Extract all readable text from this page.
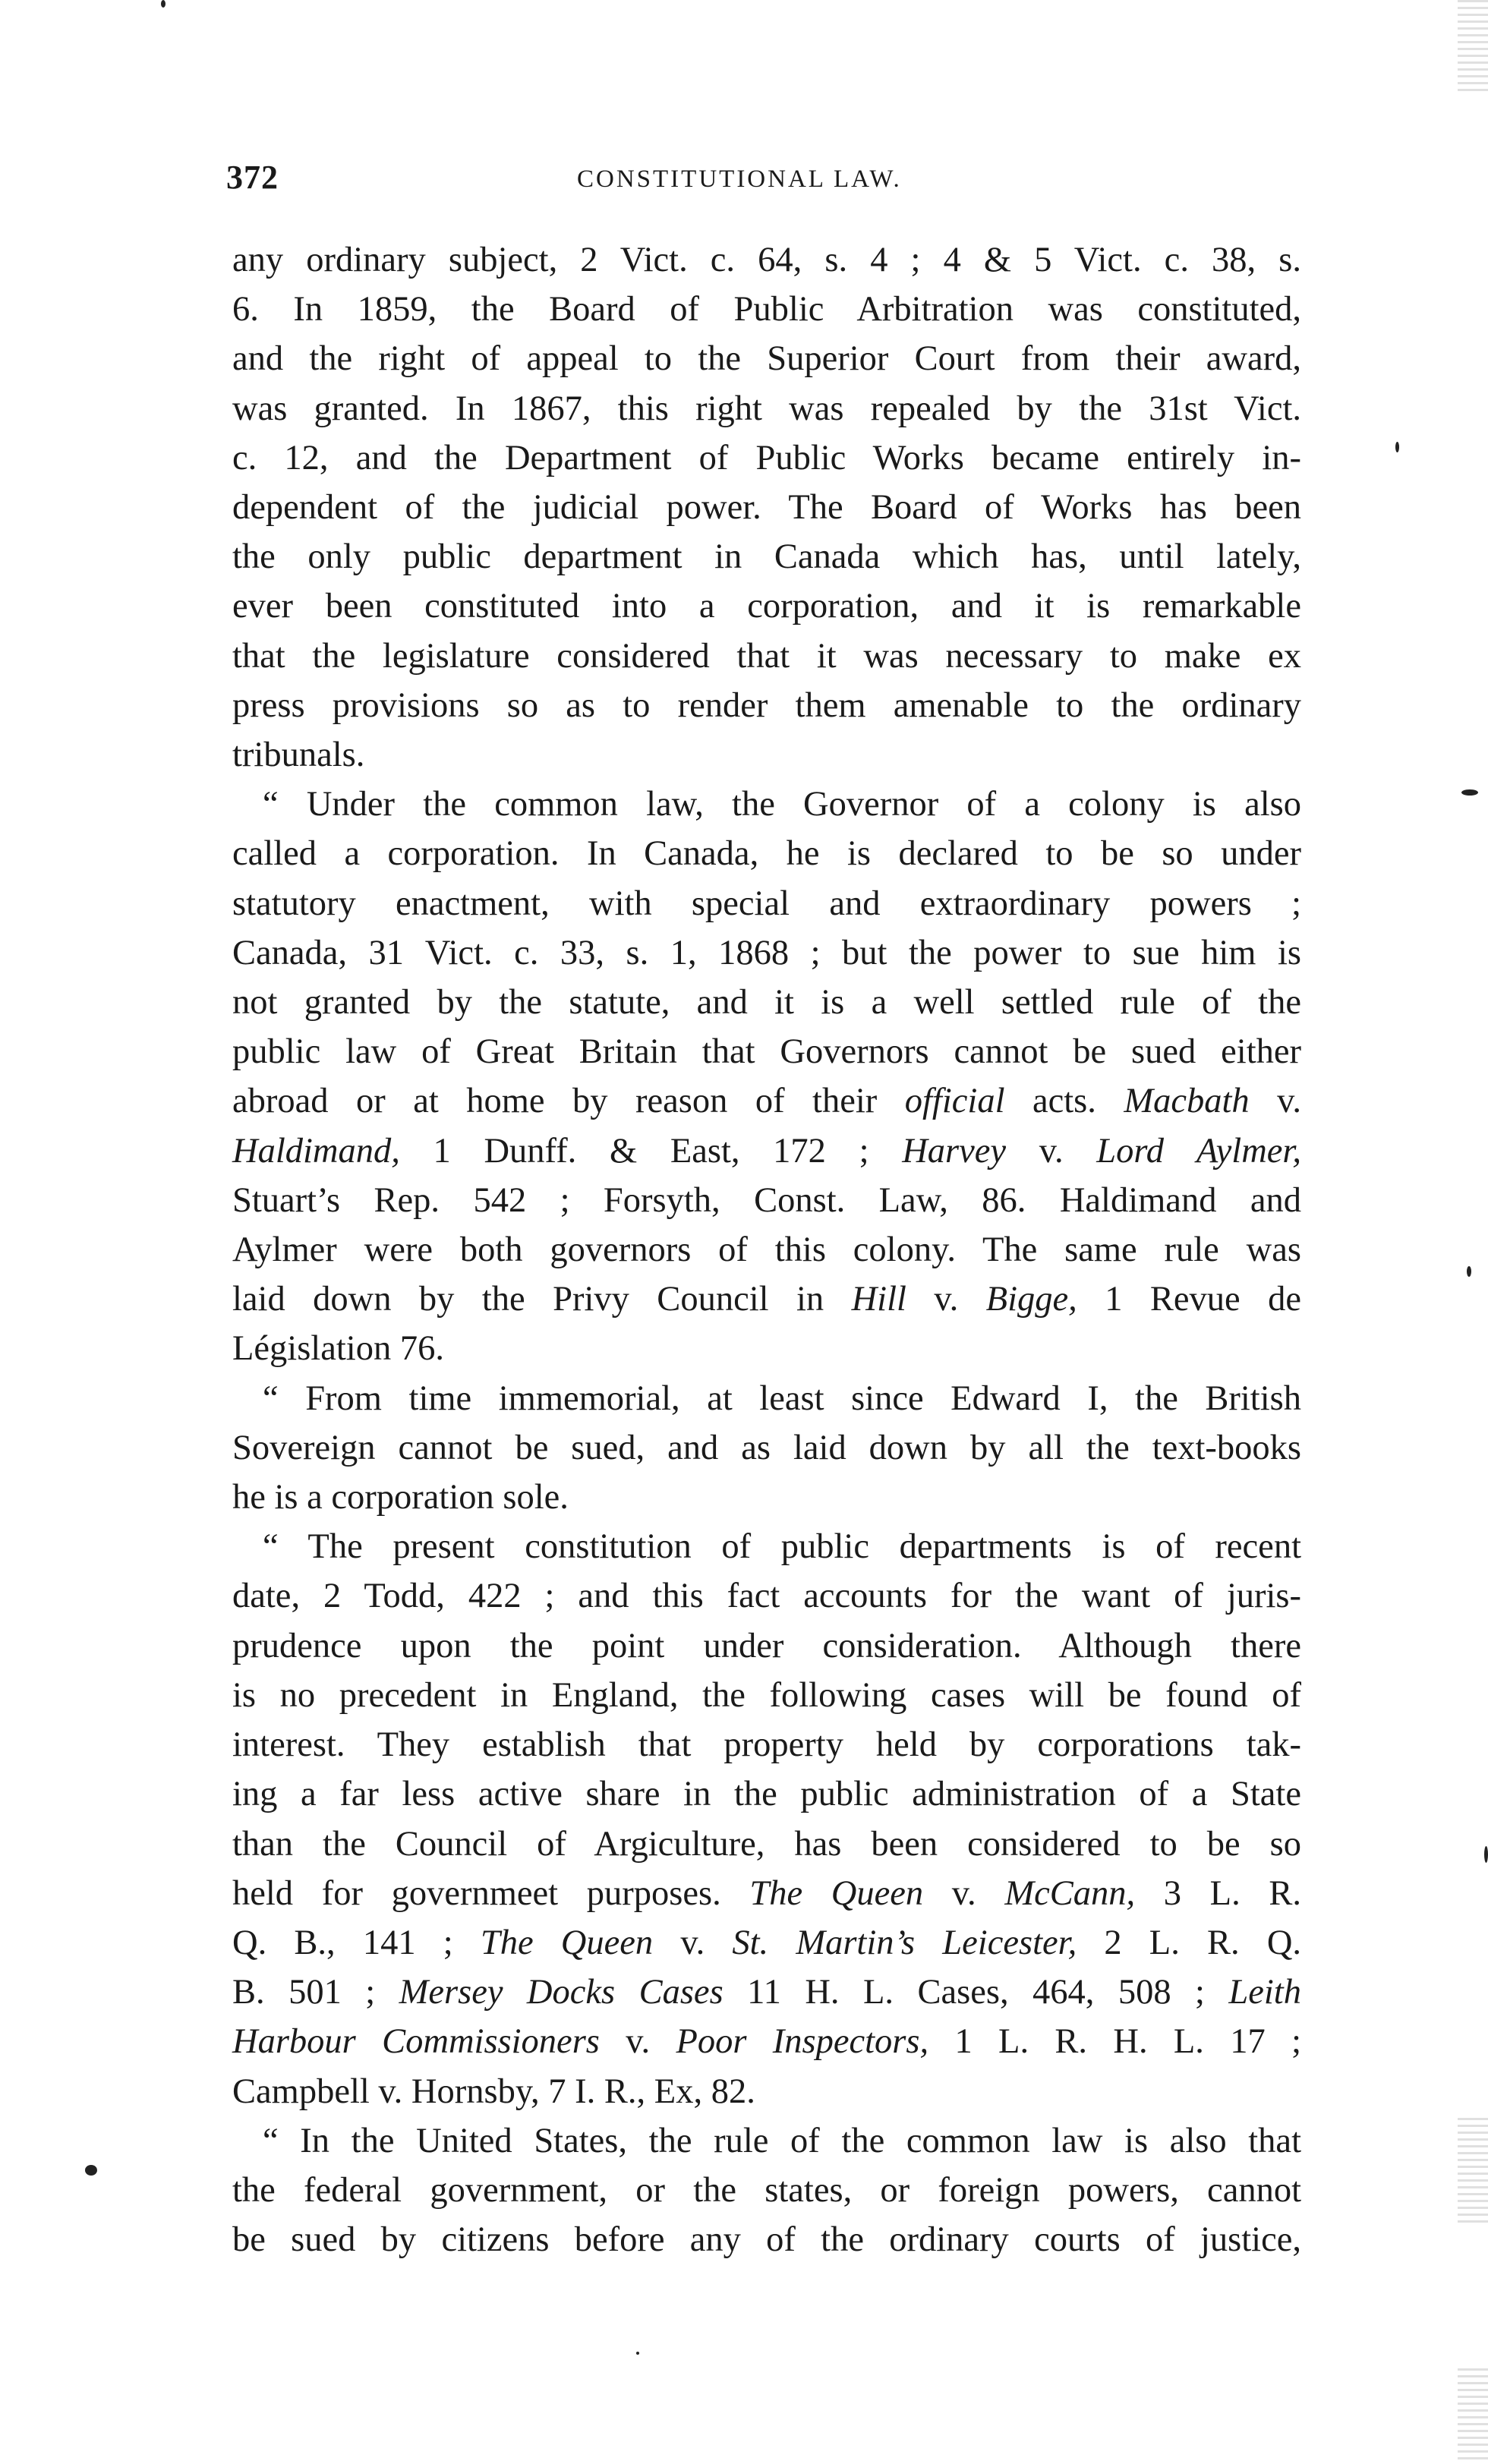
372	CONSTITUTIONAL LAW.
any ordinary subject, 2 Vict. c. 64, s. 4 ; 4 & 5 Vict. c. 38, s.
6. In 1859, the Board of Public Arbitration was constituted,
and the right of appeal to the Superior Court from their award,
was granted. In 1867, this right was repealed by the 31st Vict.
c. 12, and the Department of Public Works became entirely in-
dependent of the judicial power. The Board of Works has been
the only public department in Canada which has, until lately,
ever been constituted into a corporation, and it is remarkable
that the legislature considered that it was necessary to make ex
press provisions so as to render them amenable to the ordinary
tribunals.
“ Under the common law, the Governor of a colony is also
called a corporation. In Canada, he is declared to be so under
statutory enactment, with special and extraordinary powers ;
Canada, 31 Vict. c. 33, s. 1, 1868 ; but the power to sue him is
not granted by the statute, and it is a well settled rule of the
public law of Great Britain that Governors cannot be sued either
abroad or at home by reason of their official acts. Macbath v.
Haldimand, 1 Dunff. & East, 172 ; Harvey v. Lord Aylmer,
Stuart’s Rep. 542 ; Forsyth, Const. Law, 86. Haldimand and
Aylmer were both governors of this colony. The same rule was
laid down by the Privy Council in Hill v. Bigge, 1 Revue de
Législation 76.
“ From time immemorial, at least since Edward I, the British
Sovereign cannot be sued, and as laid down by all the text-books
he is a corporation sole.
“ The present constitution of public departments is of recent
date, 2 Todd, 422 ; and this fact accounts for the want of juris-
prudence upon the point under consideration. Although there
is no precedent in England, the following cases will be found of
interest. They establish that property held by corporations tak-
ing a far less active share in the public administration of a State
than the Council of Argiculture, has been considered to be so
held for governmeet purposes. The Queen v. McCann, 3 L. R.
Q. B., 141 ; The Queen v. St. Martin’s Leicester, 2 L. R. Q.
B. 501 ; Mersey Docks Cases 11 H. L. Cases, 464, 508 ; Leith
Harbour Commissioners v. Poor Inspectors, 1 L. R. H. L. 17 ;
Campbell v. Hornsby, 7 I. R., Ex, 82.
“ In the United States, the rule of the common law is also that
the federal government, or the states, or foreign powers, cannot
be sued by citizens before any of the ordinary courts of justice,
